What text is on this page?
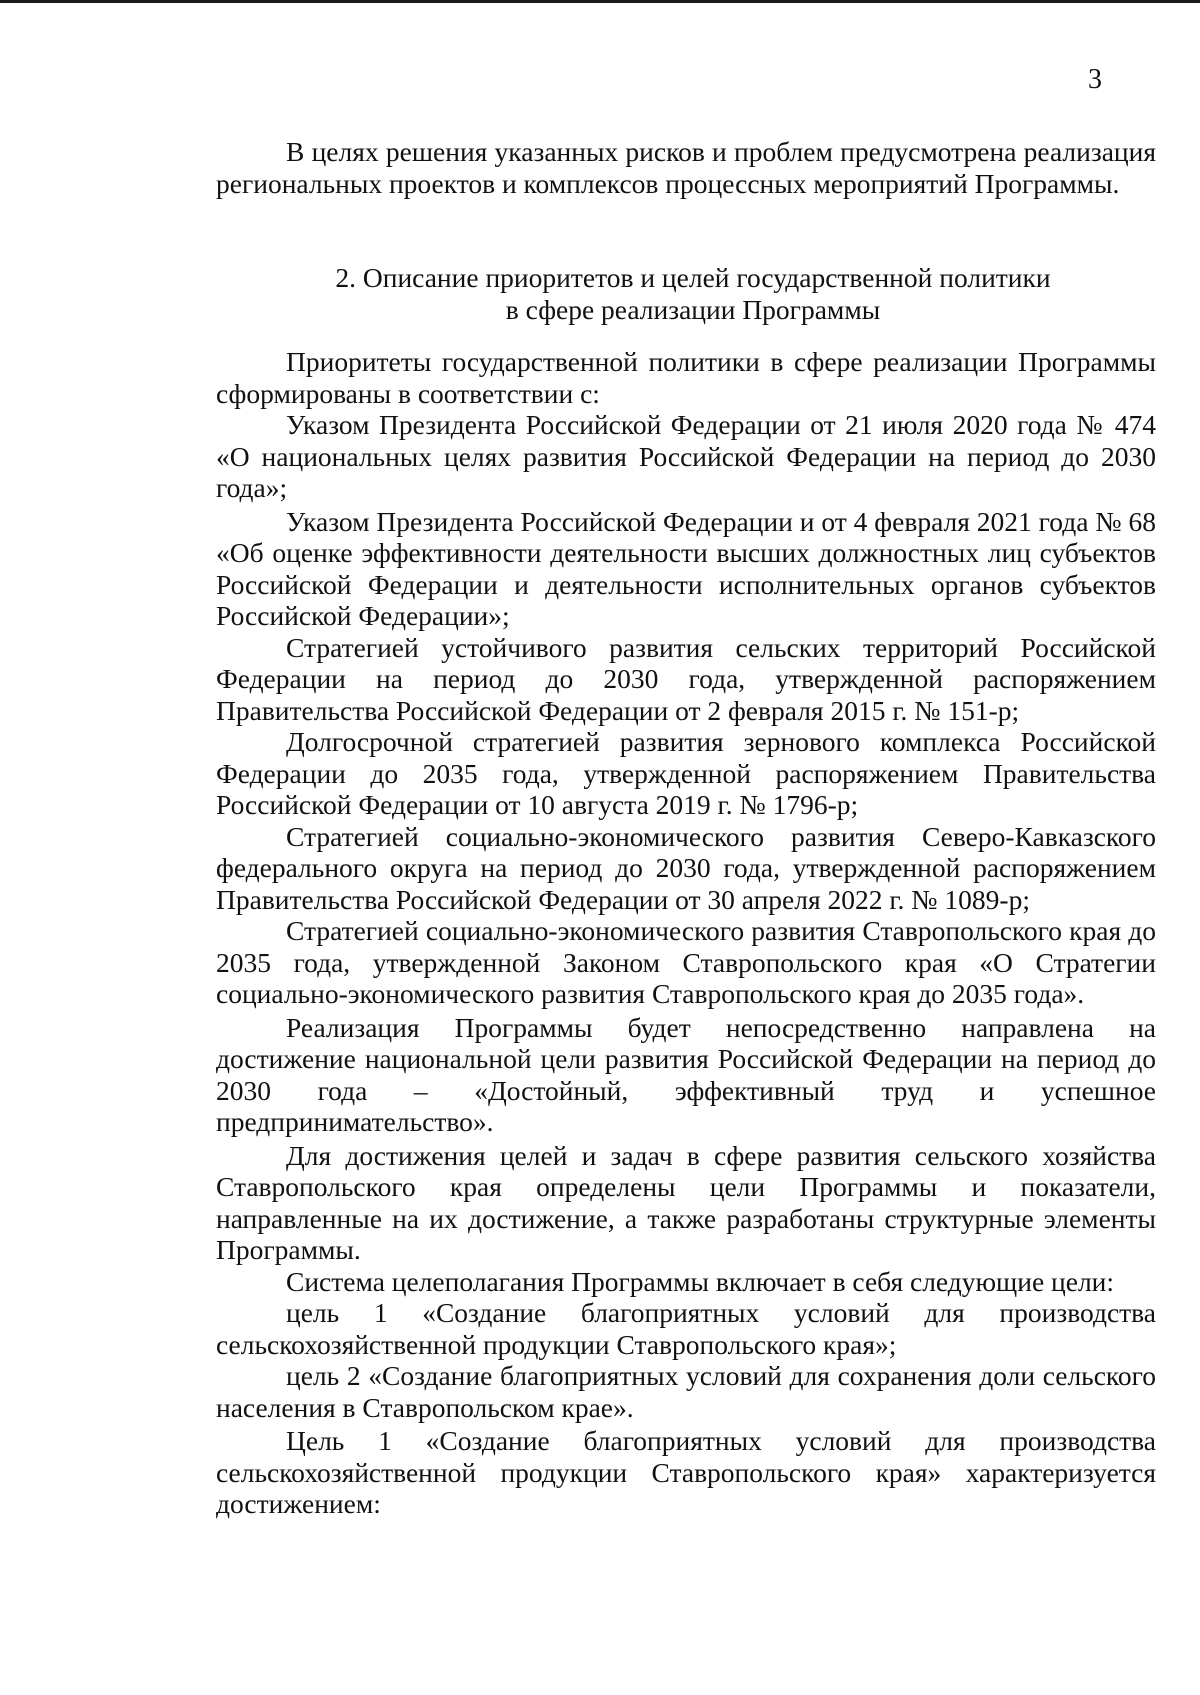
3

В целях решения указанных рисков и проблем предусмотрена реализация региональных проектов и комплексов процессных мероприятий Программы.

2. Описание приоритетов и целей государственной политики
в сфере реализации Программы

Приоритеты государственной политики в сфере реализации Программы сформированы в соответствии с:

Указом Президента Российской Федерации от 21 июля 2020 года № 474 «О национальных целях развития Российской Федерации на период до 2030 года»;

Указом Президента Российской Федерации и от 4 февраля 2021 года № 68 «Об оценке эффективности деятельности высших должностных лиц субъектов Российской Федерации и деятельности исполнительных органов субъектов Российской Федерации»;

Стратегией устойчивого развития сельских территорий Российской Федерации на период до 2030 года, утвержденной распоряжением Правительства Российской Федерации от 2 февраля 2015 г. № 151-р;

Долгосрочной стратегией развития зернового комплекса Российской Федерации до 2035 года, утвержденной распоряжением Правительства Российской Федерации от 10 августа 2019 г. № 1796-р;

Стратегией социально-экономического развития Северо-Кавказского федерального округа на период до 2030 года, утвержденной распоряжением Правительства Российской Федерации от 30 апреля 2022 г. № 1089-р;

Стратегией социально-экономического развития Ставропольского края до 2035 года, утвержденной Законом Ставропольского края «О Стратегии социально-экономического развития Ставропольского края до 2035 года».

Реализация Программы будет непосредственно направлена на достижение национальной цели развития Российской Федерации на период до 2030 года – «Достойный, эффективный труд и успешное предпринимательство».

Для достижения целей и задач в сфере развития сельского хозяйства Ставропольского края определены цели Программы и показатели, направленные на их достижение, а также разработаны структурные элементы Программы.

Система целеполагания Программы включает в себя следующие цели:

цель 1 «Создание благоприятных условий для производства сельскохозяйственной продукции Ставропольского края»;

цель 2 «Создание благоприятных условий для сохранения доли сельского населения в Ставропольском крае».

Цель 1 «Создание благоприятных условий для производства сельскохозяйственной продукции Ставропольского края» характеризуется достижением:
